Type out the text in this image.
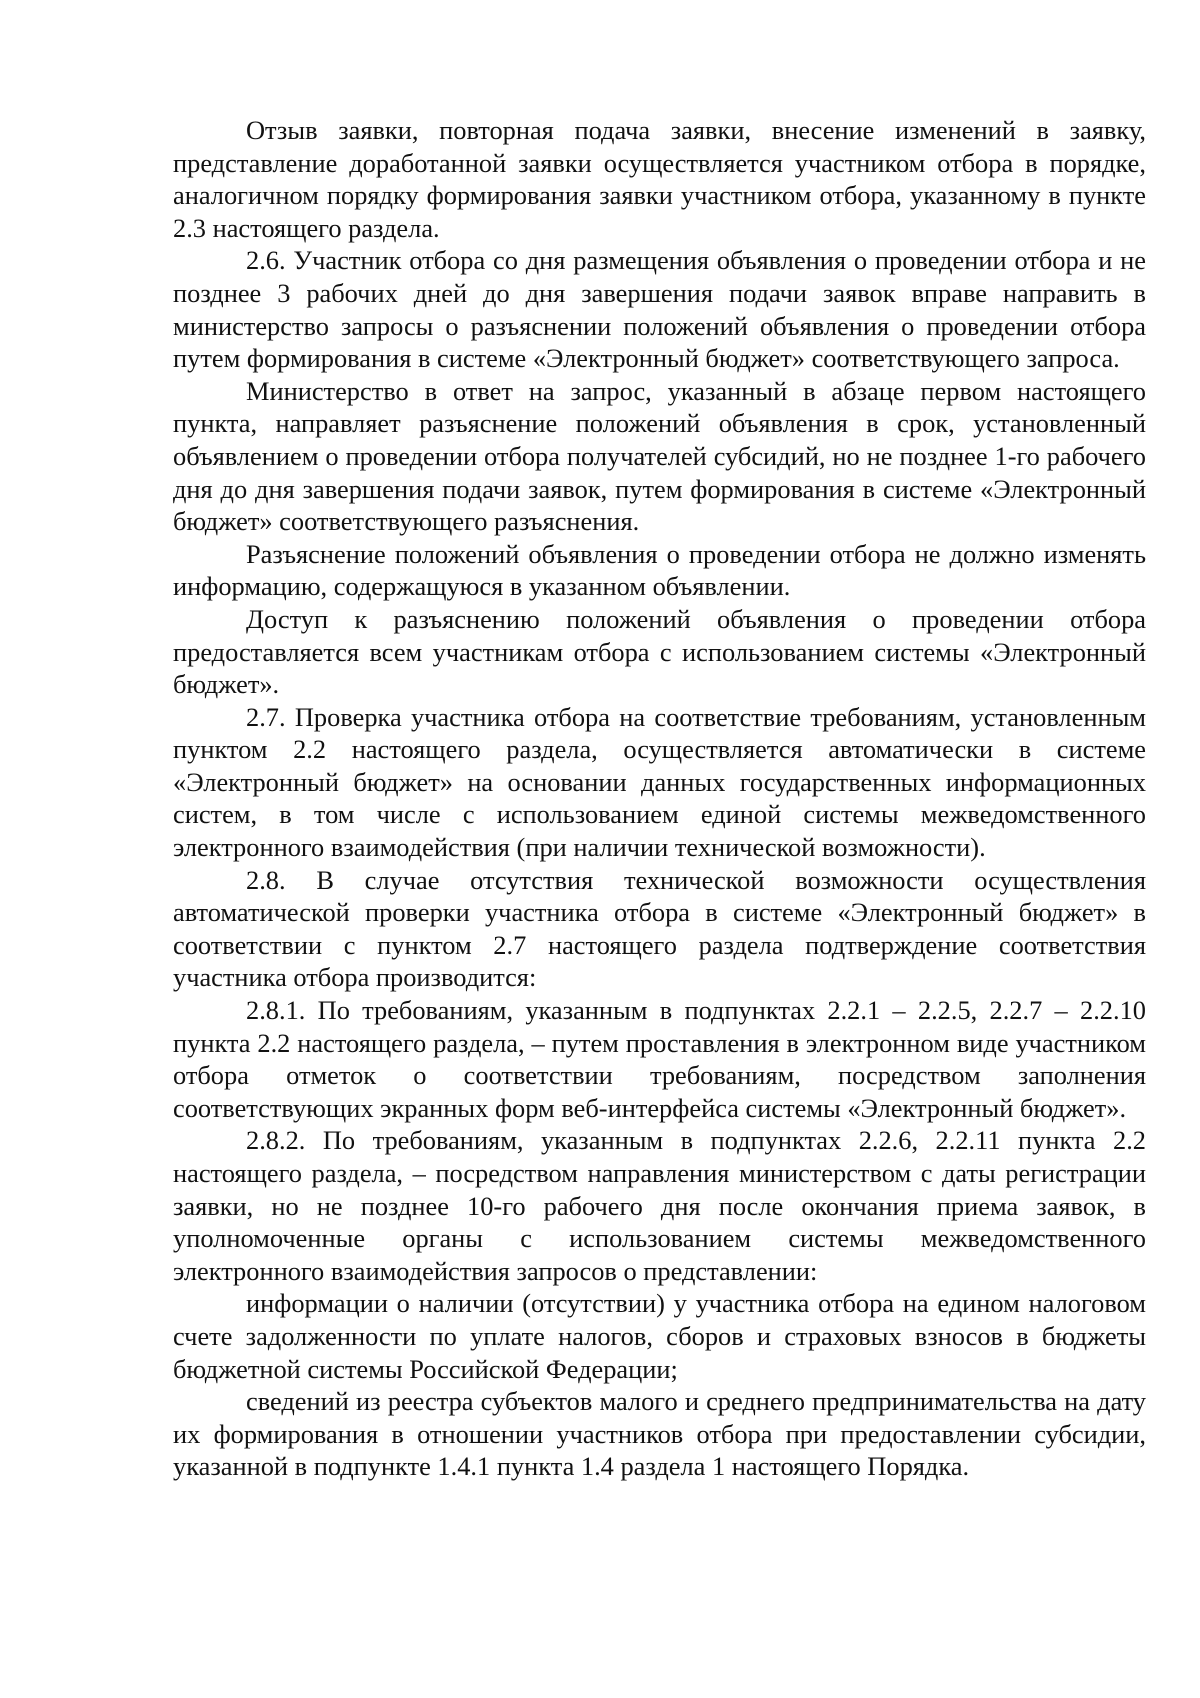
Отзыв заявки, повторная подача заявки, внесение изменений в заявку, представление доработанной заявки осуществляется участником отбора в порядке, аналогичном порядку формирования заявки участником отбора, указанному в пункте 2.3 настоящего раздела.

2.6. Участник отбора со дня размещения объявления о проведении отбора и не позднее 3 рабочих дней до дня завершения подачи заявок вправе направить в министерство запросы о разъяснении положений объявления о проведении отбора путем формирования в системе «Электронный бюджет» соответствующего запроса.

Министерство в ответ на запрос, указанный в абзаце первом настоящего пункта, направляет разъяснение положений объявления в срок, установленный объявлением о проведении отбора получателей субсидий, но не позднее 1-го рабочего дня до дня завершения подачи заявок, путем формирования в системе «Электронный бюджет» соответствующего разъяснения.

Разъяснение положений объявления о проведении отбора не должно изменять информацию, содержащуюся в указанном объявлении.

Доступ к разъяснению положений объявления о проведении отбора предоставляется всем участникам отбора с использованием системы «Электронный бюджет».

2.7. Проверка участника отбора на соответствие требованиям, установленным пунктом 2.2 настоящего раздела, осуществляется автоматически в системе «Электронный бюджет» на основании данных государственных информационных систем, в том числе с использованием единой системы межведомственного электронного взаимодействия (при наличии технической возможности).

2.8. В случае отсутствия технической возможности осуществления автоматической проверки участника отбора в системе «Электронный бюджет» в соответствии с пунктом 2.7 настоящего раздела подтверждение соответствия участника отбора производится:

2.8.1. По требованиям, указанным в подпунктах 2.2.1 – 2.2.5, 2.2.7 – 2.2.10 пункта 2.2 настоящего раздела, – путем проставления в электронном виде участником отбора отметок о соответствии требованиям, посредством заполнения соответствующих экранных форм веб-интерфейса системы «Электронный бюджет».

2.8.2. По требованиям, указанным в подпунктах 2.2.6, 2.2.11 пункта 2.2 настоящего раздела, – посредством направления министерством с даты регистрации заявки, но не позднее 10-го рабочего дня после окончания приема заявок, в уполномоченные органы с использованием системы межведомственного электронного взаимодействия запросов о представлении:

информации о наличии (отсутствии) у участника отбора на едином налоговом счете задолженности по уплате налогов, сборов и страховых взносов в бюджеты бюджетной системы Российской Федерации;

сведений из реестра субъектов малого и среднего предпринимательства на дату их формирования в отношении участников отбора при предоставлении субсидии, указанной в подпункте 1.4.1 пункта 1.4 раздела 1 настоящего Порядка.
